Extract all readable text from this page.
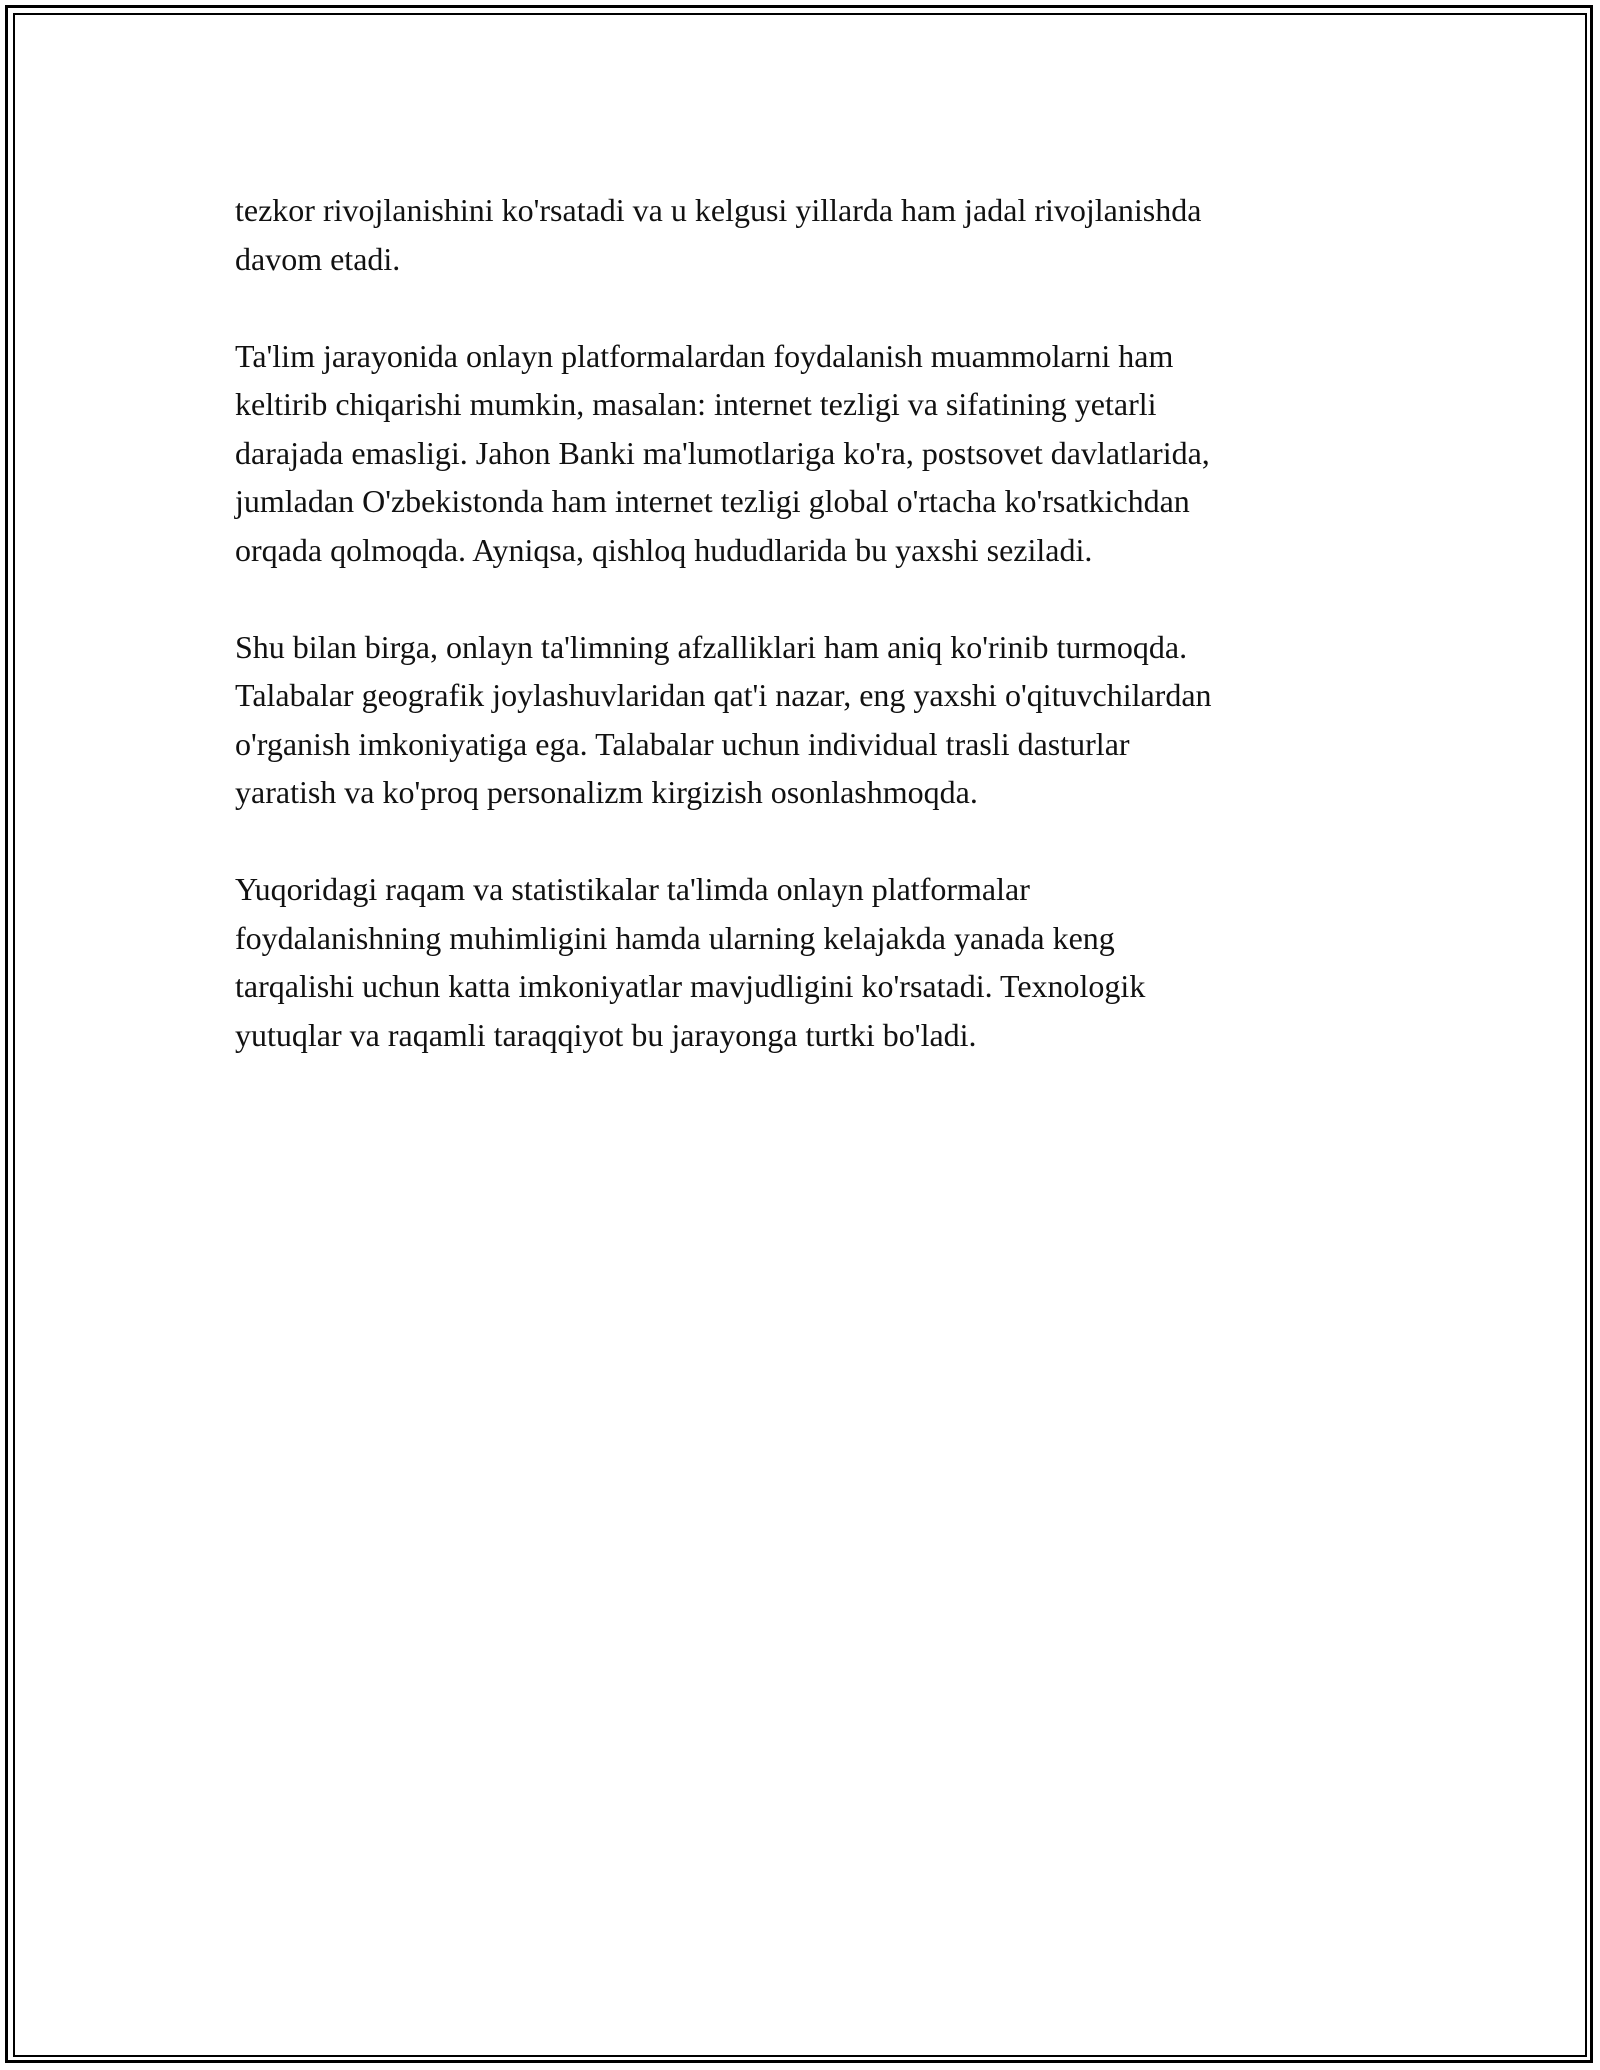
tezkor rivojlanishini ko'rsatadi va u kelgusi yillarda ham jadal rivojlanishda
davom etadi.

Ta'lim jarayonida onlayn platformalardan foydalanish muammolarni ham
keltirib chiqarishi mumkin, masalan: internet tezligi va sifatining yetarli
darajada emasligi. Jahon Banki ma'lumotlariga ko'ra, postsovet davlatlarida,
jumladan O'zbekistonda ham internet tezligi global o'rtacha ko'rsatkichdan
orqada qolmoqda. Ayniqsa, qishloq hududlarida bu yaxshi seziladi.

Shu bilan birga, onlayn ta'limning afzalliklari ham aniq ko'rinib turmoqda.
Talabalar geografik joylashuvlaridan qat'i nazar, eng yaxshi o'qituvchilardan
o'rganish imkoniyatiga ega. Talabalar uchun individual trasli dasturlar
yaratish va ko'proq personalizm kirgizish osonlashmoqda.

Yuqoridagi raqam va statistikalar ta'limda onlayn platformalar
foydalanishning muhimligini hamda ularning kelajakda yanada keng
tarqalishi uchun katta imkoniyatlar mavjudligini ko'rsatadi. Texnologik
yutuqlar va raqamli taraqqiyot bu jarayonga turtki bo'ladi.
